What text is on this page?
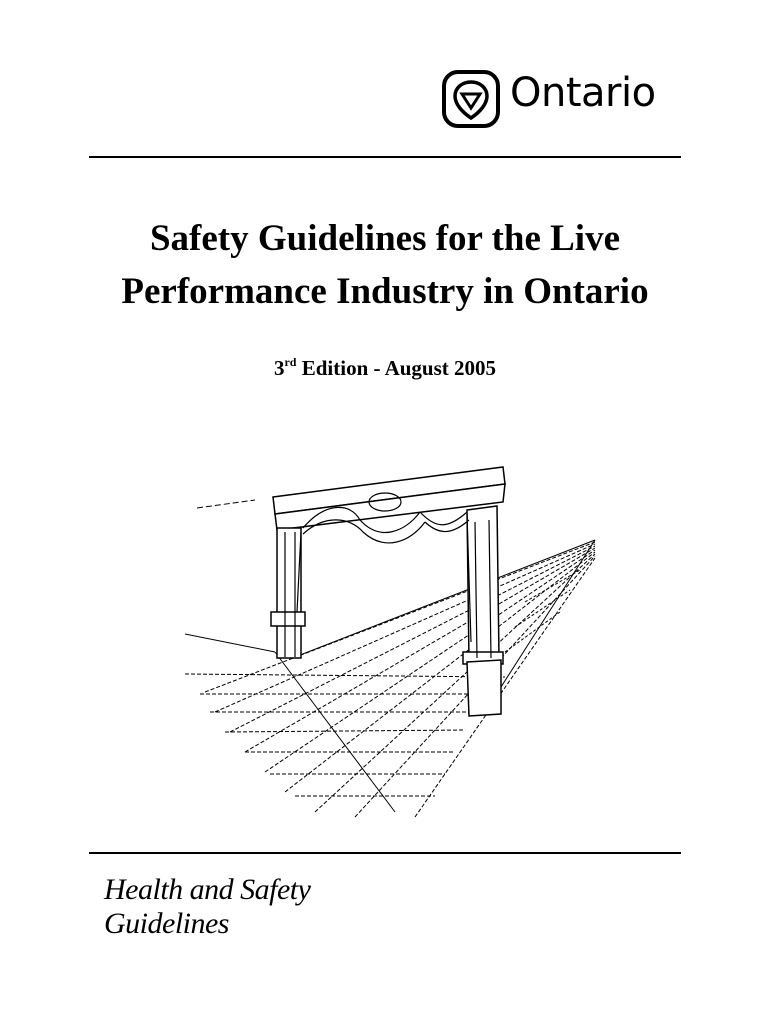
Ontario
Safety Guidelines for the Live
Performance Industry in Ontario
3rd Edition - August 2005
Health and Safety
Guidelines
